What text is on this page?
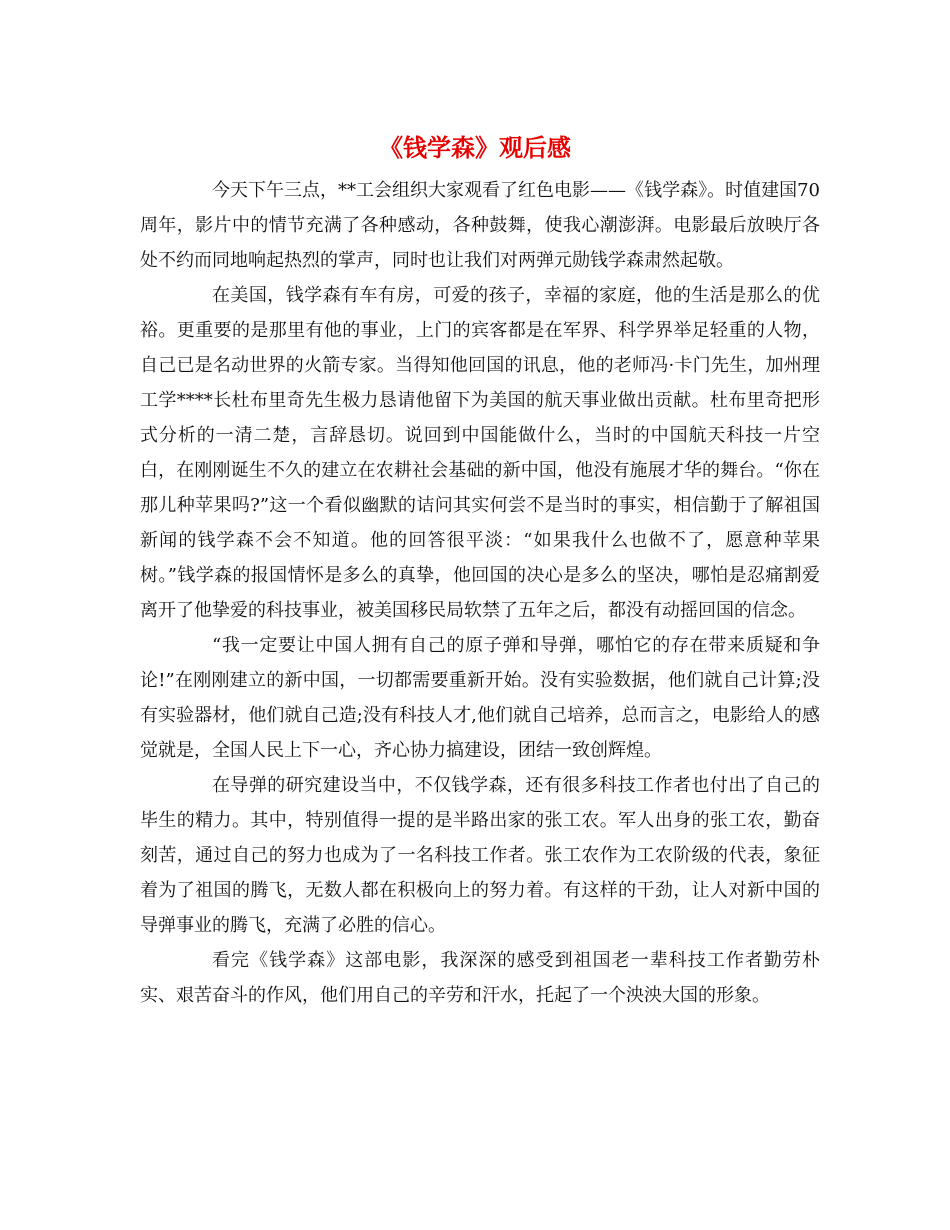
《钱学森》观后感

今天下午三点，**工会组织大家观看了红色电影——《钱学森》。时值建国70周年，影片中的情节充满了各种感动，各种鼓舞，使我心潮澎湃。电影最后放映厅各处不约而同地响起热烈的掌声，同时也让我们对两弹元勋钱学森肃然起敬。

在美国，钱学森有车有房，可爱的孩子，幸福的家庭，他的生活是那么的优裕。更重要的是那里有他的事业，上门的宾客都是在军界、科学界举足轻重的人物，自己已是名动世界的火箭专家。当得知他回国的讯息，他的老师冯·卡门先生，加州理工学****长杜布里奇先生极力恳请他留下为美国的航天事业做出贡献。杜布里奇把形式分析的一清二楚，言辞恳切。说回到中国能做什么，当时的中国航天科技一片空白，在刚刚诞生不久的建立在农耕社会基础的新中国，他没有施展才华的舞台。“你在那儿种苹果吗?”这一个看似幽默的诘问其实何尝不是当时的事实，相信勤于了解祖国新闻的钱学森不会不知道。他的回答很平淡：“如果我什么也做不了，愿意种苹果树。”钱学森的报国情怀是多么的真挚，他回国的决心是多么的坚决，哪怕是忍痛割爱离开了他挚爱的科技事业，被美国移民局软禁了五年之后，都没有动摇回国的信念。

“我一定要让中国人拥有自己的原子弹和导弹，哪怕它的存在带来质疑和争论!”在刚刚建立的新中国，一切都需要重新开始。没有实验数据，他们就自己计算;没有实验器材，他们就自己造;没有科技人才,他们就自己培养，总而言之，电影给人的感觉就是，全国人民上下一心，齐心协力搞建设，团结一致创辉煌。

在导弹的研究建设当中，不仅钱学森，还有很多科技工作者也付出了自己的毕生的精力。其中，特别值得一提的是半路出家的张工农。军人出身的张工农，勤奋刻苦，通过自己的努力也成为了一名科技工作者。张工农作为工农阶级的代表，象征着为了祖国的腾飞，无数人都在积极向上的努力着。有这样的干劲，让人对新中国的导弹事业的腾飞，充满了必胜的信心。

看完《钱学森》这部电影，我深深的感受到祖国老一辈科技工作者勤劳朴实、艰苦奋斗的作风，他们用自己的辛劳和汗水，托起了一个泱泱大国的形象。
